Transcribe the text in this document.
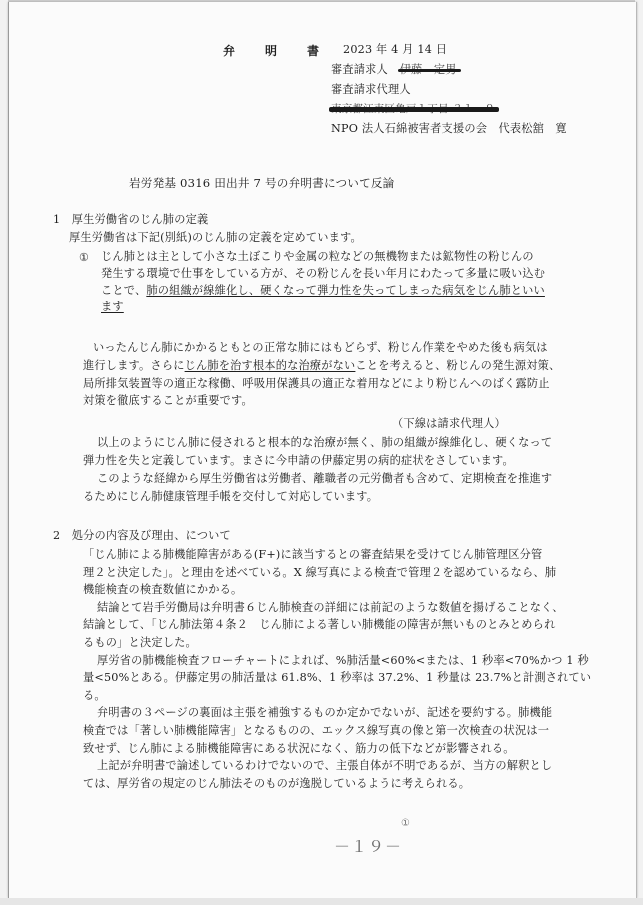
弁　明　書 2023 年 4 月 14 日
審査請求人
審査請求代理人
NPO 法人石綿被害者支援の会　代表松舘　寛
岩労発基 0316 田出井 7 号の弁明書について反論
1　厚生労働省のじん肺の定義
厚生労働省は下記(別紙)のじん肺の定義を定めています。
① じん肺とは主として小さな土ぼこりや金属の粒などの無機物または鉱物性の粉じんの
発生する環境で仕事をしている方が、その粉じんを長い年月にわたって多量に吸い込む
ことで、肺の組織が線維化し、硬くなって弾力性を失ってしまった病気をじん肺といい
ます
いったんじん肺にかかるともとの正常な肺にはもどらず、粉じん作業をやめた後も病気は
進行します。さらにじん肺を治す根本的な治療がないことを考えると、粉じんの発生源対策、
局所排気装置等の適正な稼働、呼吸用保護具の適正な着用などにより粉じんへのばく露防止
対策を徹底することが重要です。
（下線は請求代理人）
以上のようにじん肺に侵されると根本的な治療が無く、肺の組織が線維化し、硬くなって
弾力性を失と定義しています。まさに今申請の伊藤定男の病的症状をさしています。
このような経緯から厚生労働省は労働者、離職者の元労働者も含めて、定期検査を推進す
るためにじん肺健康管理手帳を交付して対応しています。
2　処分の内容及び理由、について
「じん肺による肺機能障害がある(F+)に該当するとの審査結果を受けてじん肺管理区分管
理２と決定した」。と理由を述べている。X 線写真による検査で管理２を認めているなら、肺
機能検査の検査数値にかかる。
結論とて岩手労働局は弁明書６じん肺検査の詳細には前記のような数値を揚げることなく、
結論として、「じん肺法第４条２　じん肺による著しい肺機能の障害が無いものとみとめられ
るもの」と決定した。
厚労省の肺機能検査フローチャートによれば、%肺活量<60%<または、1 秒率<70%かつ 1 秒
量<50%とある。伊藤定男の肺活量は 61.8%、1 秒率は 37.2%、1 秒量は 23.7%と計測されてい
る。
弁明書の３ページの裏面は主張を補強するものか定かでないが、記述を要約する。肺機能
検査では「著しい肺機能障害」となるものの、エックス線写真の像と第一次検査の状況は一
致せず、じん肺による肺機能障害にある状況になく、筋力の低下などが影響される。
上記が弁明書で論述しているわけでないので、主張自体が不明であるが、当方の解釈とし
ては、厚労省の規定のじん肺法そのものが逸脱しているように考えられる。
①
－１９－
